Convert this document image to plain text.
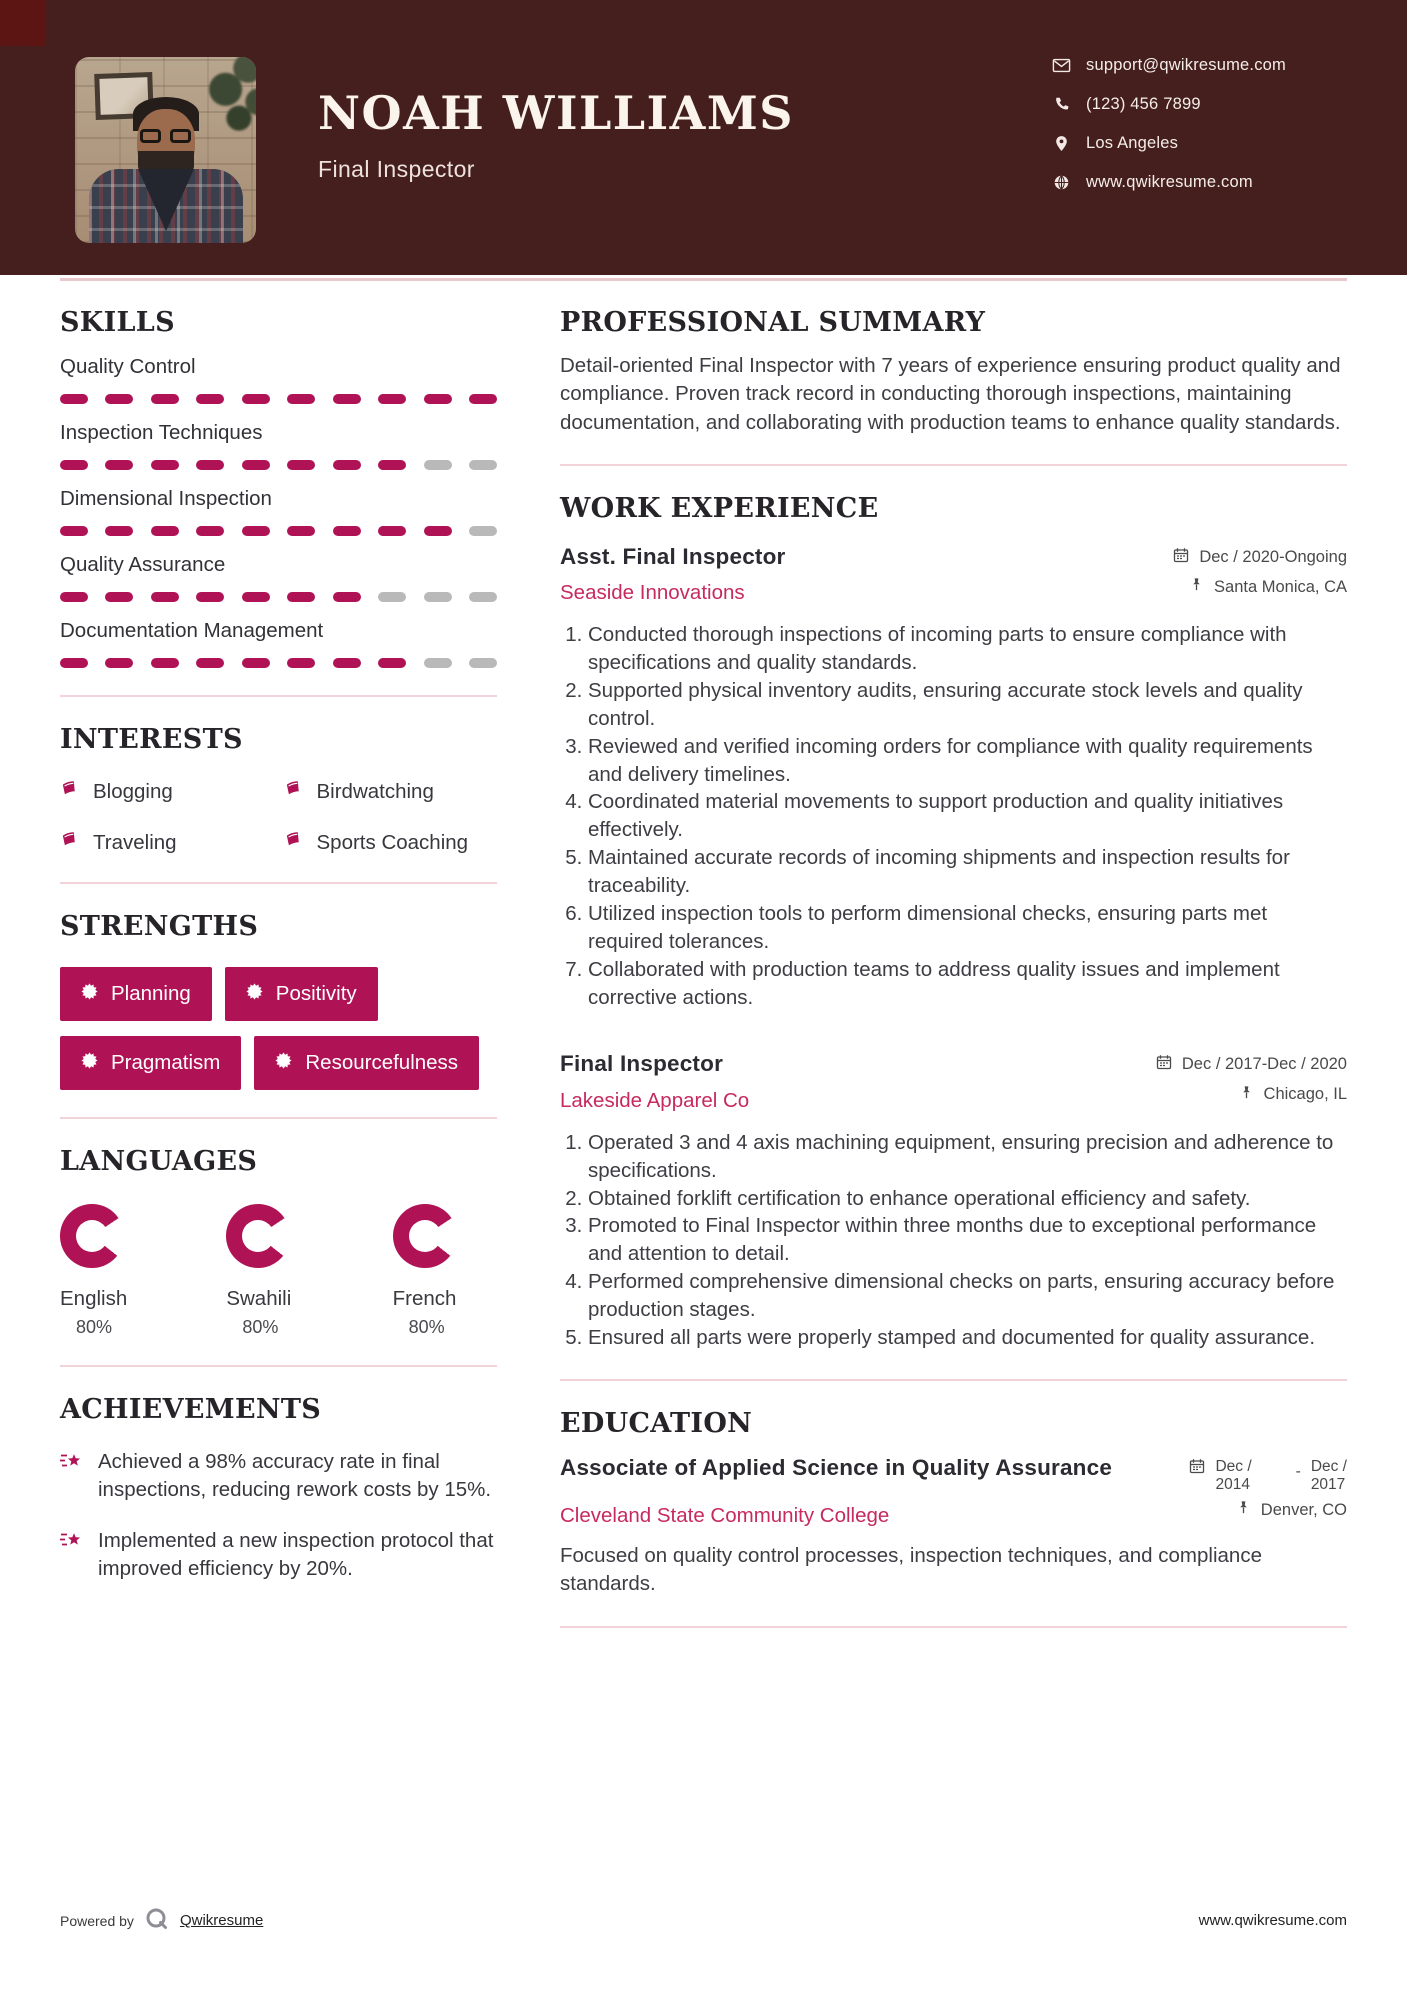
NOAH WILLIAMS
Final Inspector
support@qwikresume.com
(123) 456 7899
Los Angeles
www.qwikresume.com
SKILLS
Quality Control
Inspection Techniques
Dimensional Inspection
Quality Assurance
Documentation Management
INTERESTS
Blogging	Birdwatching
Traveling	Sports Coaching
STRENGTHS
Planning	Positivity
Pragmatism	Resourcefulness
LANGUAGES
English
80%
Swahili
80%
French
80%
ACHIEVEMENTS
Achieved a 98% accuracy rate in final inspections, reducing rework costs by 15%.
Implemented a new inspection protocol that improved efficiency by 20%.
PROFESSIONAL SUMMARY

Detail-oriented Final Inspector with 7 years of experience ensuring product quality and compliance. Proven track record in conducting thorough inspections, maintaining documentation, and collaborating with production teams to enhance quality standards.

WORK EXPERIENCE
Asst. Final Inspector	Dec / 2020-Ongoing
Seaside Innovations	Santa Monica, CA
1. Conducted thorough inspections of incoming parts to ensure compliance with specifications and quality standards.
2. Supported physical inventory audits, ensuring accurate stock levels and quality control.
3. Reviewed and verified incoming orders for compliance with quality requirements and delivery timelines.
4. Coordinated material movements to support production and quality initiatives effectively.
5. Maintained accurate records of incoming shipments and inspection results for traceability.
6. Utilized inspection tools to perform dimensional checks, ensuring parts met required tolerances.
7. Collaborated with production teams to address quality issues and implement corrective actions.
Final Inspector	Dec / 2017-Dec / 2020
Lakeside Apparel Co	Chicago, IL
1. Operated 3 and 4 axis machining equipment, ensuring precision and adherence to specifications.
2. Obtained forklift certification to enhance operational efficiency and safety.
3. Promoted to Final Inspector within three months due to exceptional performance and attention to detail.
4. Performed comprehensive dimensional checks on parts, ensuring accuracy before production stages.
5. Ensured all parts were properly stamped and documented for quality assurance.
EDUCATION
Associate of Applied Science in Quality Assurance	Dec /
2014
- Dec /
2017
Cleveland State Community College	Denver, CO

Focused on quality control processes, inspection techniques, and compliance standards.

Powered by	Qwikresume	www.qwikresume.com
